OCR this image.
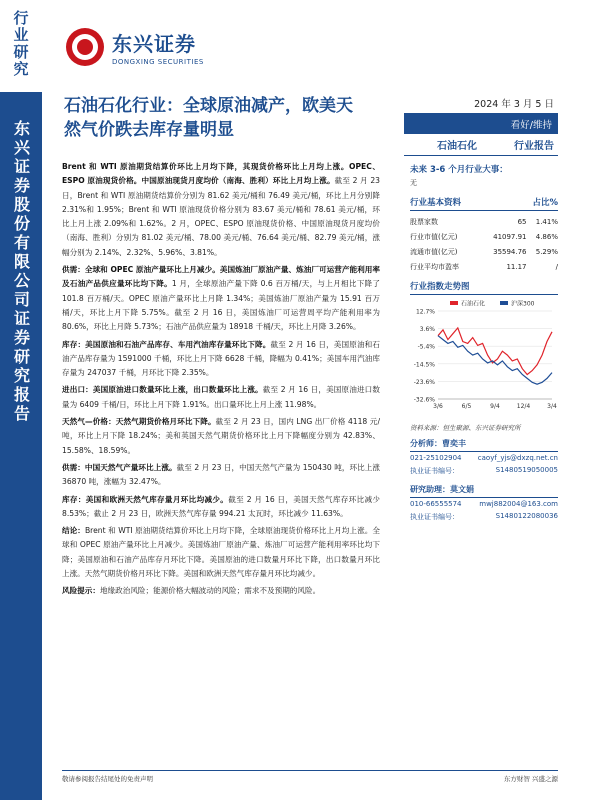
行业研究
东兴证券股份有限公司证券研究报告
东兴证券
DONGXING SECURITIES
石油石化行业：全球原油减产，欧美天然气价跌去库存量明显
2024 年 3 月 5 日
看好/维持
石油石化	行业报告

Brent 和 WTI 原油期货结算价环比上月均下降，其现货价格环比上月均上涨。OPEC、ESPO 原油现货价格。中国原油现货月度均价（南海、胜利）环比上月均上涨。截至 2 月 23 日，Brent 和 WTI 原油期货结算价分别为 81.62 美元/桶和 76.49 美元/桶，环比上月分别降 2.31%和 1.95%；Brent 和 WTI 原油现货价格分别为 83.67 美元/桶和 78.61 美元/桶，环比上月上涨 2.09%和 1.62%。2 月，OPEC、ESPO 原油现货价格、中国原油现货月度均价（南海、胜利）分别为 81.02 美元/桶、78.00 美元/桶、76.64 美元/桶、82.79 美元/桶，涨幅分别为 2.14%、2.32%、5.96%、3.81%。

供需：全球和 OPEC 原油产量环比上月减少。美国炼油厂原油产量、炼油厂可运营产能利用率及石油产品供应量环比均下降。1 月，全球原油产量下降 0.6 百万桶/天，与上月相比下降了 101.8 百万桶/天。OPEC 原油产量环比上月降 1.34%；美国炼油厂原油产量为 15.91 百万桶/天，环比上月下降 5.75%。截至 2 月 16 日，美国炼油厂可运营周平均产能利用率为 80.6%，环比上月降 5.73%；石油产品供应量为 18918 千桶/天，环比上月降 3.26%。

库存：美国原油和石油产品库存、车用汽油库存量环比下降。截至 2 月 16 日，美国原油和石油产品库存量为 1591000 千桶，环比上月下降 6628 千桶，降幅为 0.41%；美国车用汽油库存量为 247037 千桶，月环比下降 2.35%。

进出口：美国原油进口数量环比上涨，出口数量环比上涨。截至 2 月 16 日，美国原油进口数量为 6409 千桶/日，环比上月下降 1.91%。出口量环比上月上涨 11.98%。

天然气—价格：天然气期货价格月环比下降。截至 2 月 23 日，国内 LNG 出厂价格 4118 元/吨，环比上月下降 18.24%；美和英国天然气期货价格环比上月下降幅度分别为 42.83%、15.58%、18.59%。

供需：中国天然气产量环比上涨。截至 2 月 23 日，中国天然气产量为 150430 吨，环比上涨 36870 吨，涨幅为 32.47%。

库存：美国和欧洲天然气库存量月环比均减少。截至 2 月 16 日，美国天然气库存环比减少 8.53%；截止 2 月 23 日，欧洲天然气库存量 994.21 太瓦时，环比减少 11.63%。

结论：Brent 和 WTI 原油期货结算价环比上月均下降，全球原油现货价格环比上月均上涨。全球和 OPEC 原油产量环比上月减少。美国炼油厂原油产量、炼油厂可运营产能利用率环比均下降；美国原油和石油产品库存月环比下降。美国原油的进口数量月环比下降，出口数量月环比上涨。天然气期货价格月环比下降。美国和欧洲天然气库存量月环比均减少。

风险提示：地缘政治风险；能源价格大幅波动的风险；需求不及预期的风险。

未来 3-6 个月行业大事：
无
行业基本资料	占比%
股票家数	65	1.41%
行业市值(亿元)	41097.91	4.86%
流通市值(亿元)	35594.76	5.29%
行业平均市盈率	11.17	/
行业指数走势图
12.7%
3.6%
-5.4%
-14.5%
-23.6%
-32.6%
3/6	6/5	9/4	12/4	3/4
石油石化	沪深300
资料来源：恒生聚源、东兴证券研究所
分析师：曹奕丰
021-25102904 caoyf_yjs@dxzq.net.cn
执业证书编号：	S1480519050005
研究助理：莫文娟
010-66555574	mwj882004@163.com
执业证书编号：	S1480122080036
敬请参阅报告结尾处的免责声明	东方财智 兴盛之源
